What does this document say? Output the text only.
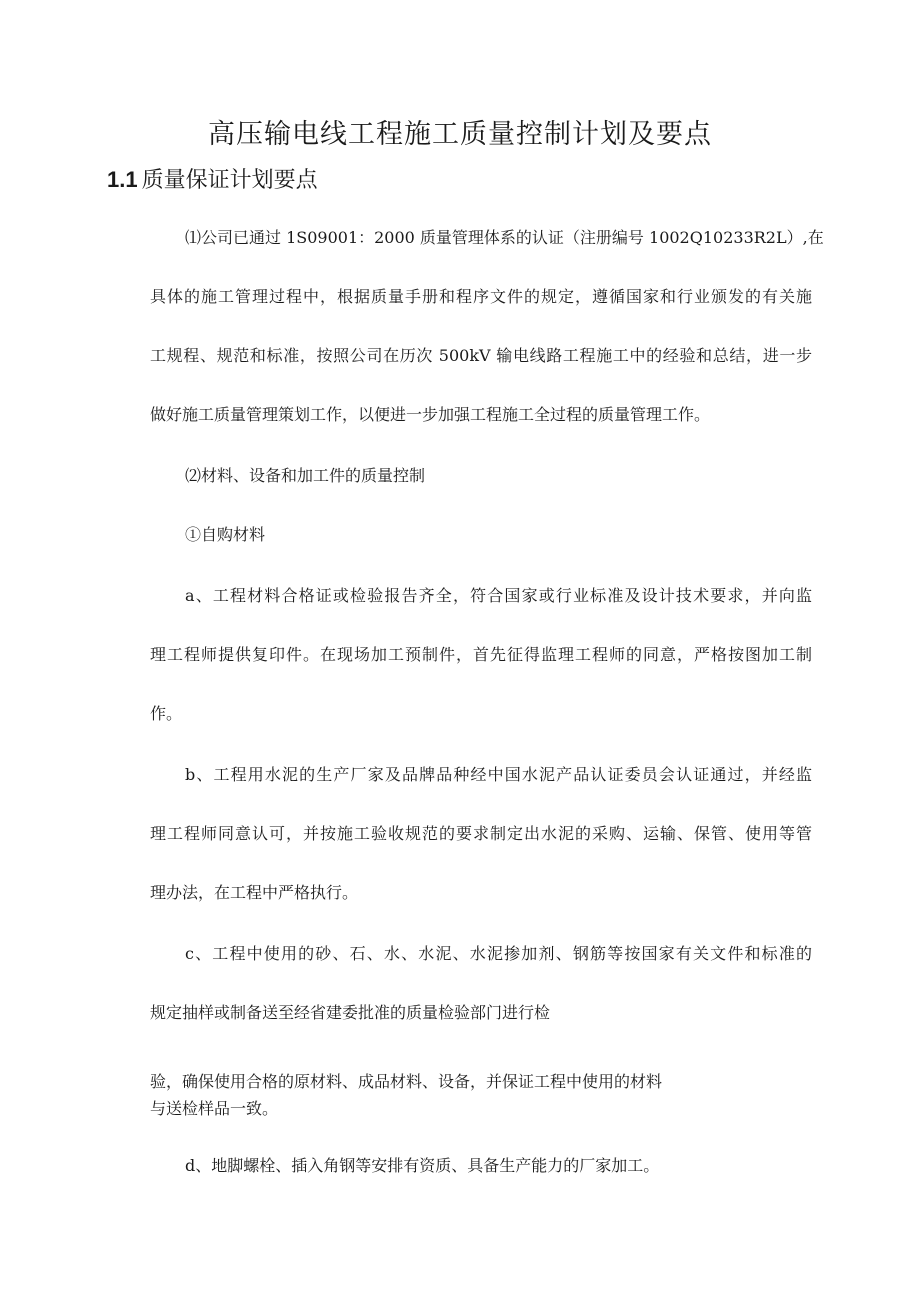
高压输电线工程施工质量控制计划及要点
1.1 质量保证计划要点

⑴公司已通过 1S09001：2000 质量管理体系的认证（注册编号 1002Q10233R2L）,在

具体的施工管理过程中，根据质量手册和程序文件的规定，遵循国家和行业颁发的有关施

工规程、规范和标准，按照公司在历次 500kV 输电线路工程施工中的经验和总结，进一步

做好施工质量管理策划工作，以便进一步加强工程施工全过程的质量管理工作。

⑵材料、设备和加工件的质量控制

①自购材料

a、工程材料合格证或检验报告齐全，符合国家或行业标准及设计技术要求，并向监

理工程师提供复印件。在现场加工预制件，首先征得监理工程师的同意，严格按图加工制

作。

b、工程用水泥的生产厂家及品牌品种经中国水泥产品认证委员会认证通过，并经监

理工程师同意认可，并按施工验收规范的要求制定出水泥的采购、运输、保管、使用等管

理办法，在工程中严格执行。

c、工程中使用的砂、石、水、水泥、水泥掺加剂、钢筋等按国家有关文件和标准的

规定抽样或制备送至经省建委批准的质量检验部门进行检

验，确保使用合格的原材料、成品材料、设备，并保证工程中使用的材料

与送检样品一致。

d、地脚螺栓、插入角钢等安排有资质、具备生产能力的厂家加工。
